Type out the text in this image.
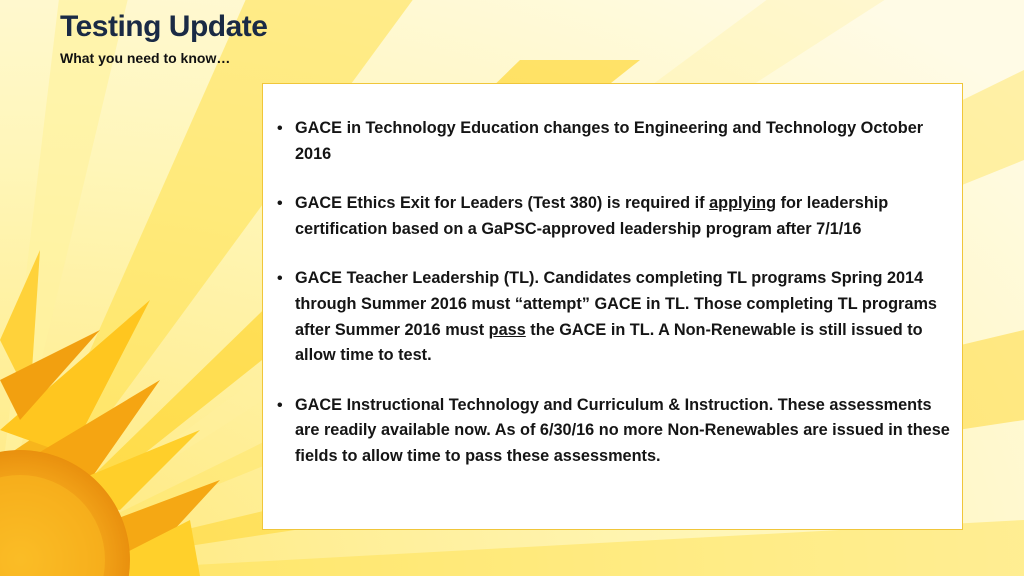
Testing Update

What you need to know…

• GACE in Technology Education changes to Engineering and Technology October 2016
• GACE Ethics Exit for Leaders (Test 380) is required if applying for leadership certification based on a GaPSC-approved leadership program after 7/1/16
• GACE Teacher Leadership (TL). Candidates completing TL programs Spring 2014 through Summer 2016 must “attempt” GACE in TL. Those completing TL programs after Summer 2016 must pass the GACE in TL. A Non-Renewable is still issued to allow time to test.
• GACE Instructional Technology and Curriculum & Instruction. These assessments are readily available now. As of 6/30/16 no more Non-Renewables are issued in these fields to allow time to pass these assessments.
